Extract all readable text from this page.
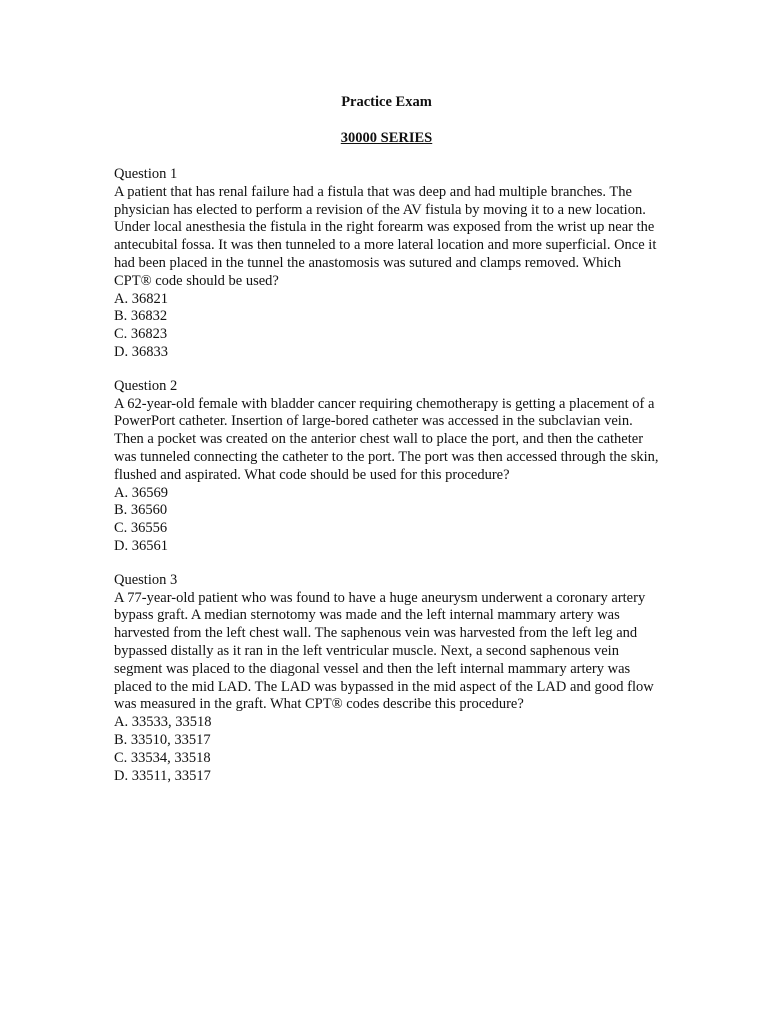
Practice Exam

30000 SERIES

Question 1

A patient that has renal failure had a fistula that was deep and had multiple branches. The physician has elected to perform a revision of the AV fistula by moving it to a new location. Under local anesthesia the fistula in the right forearm was exposed from the wrist up near the antecubital fossa. It was then tunneled to a more lateral location and more superficial. Once it had been placed in the tunnel the anastomosis was sutured and clamps removed. Which CPT® code should be used?

A. 36821
B. 36832
C. 36823
D. 36833

Question 2

A 62-year-old female with bladder cancer requiring chemotherapy is getting a placement of a PowerPort catheter. Insertion of large-bored catheter was accessed in the subclavian vein. Then a pocket was created on the anterior chest wall to place the port, and then the catheter was tunneled connecting the catheter to the port. The port was then accessed through the skin, flushed and aspirated. What code should be used for this procedure?

A. 36569
B. 36560
C. 36556
D. 36561

Question 3

A 77-year-old patient who was found to have a huge aneurysm underwent a coronary artery bypass graft. A median sternotomy was made and the left internal mammary artery was harvested from the left chest wall. The saphenous vein was harvested from the left leg and bypassed distally as it ran in the left ventricular muscle. Next, a second saphenous vein segment was placed to the diagonal vessel and then the left internal mammary artery was placed to the mid LAD. The LAD was bypassed in the mid aspect of the LAD and good flow was measured in the graft. What CPT® codes describe this procedure?

A. 33533, 33518
B. 33510, 33517
C. 33534, 33518
D. 33511, 33517
